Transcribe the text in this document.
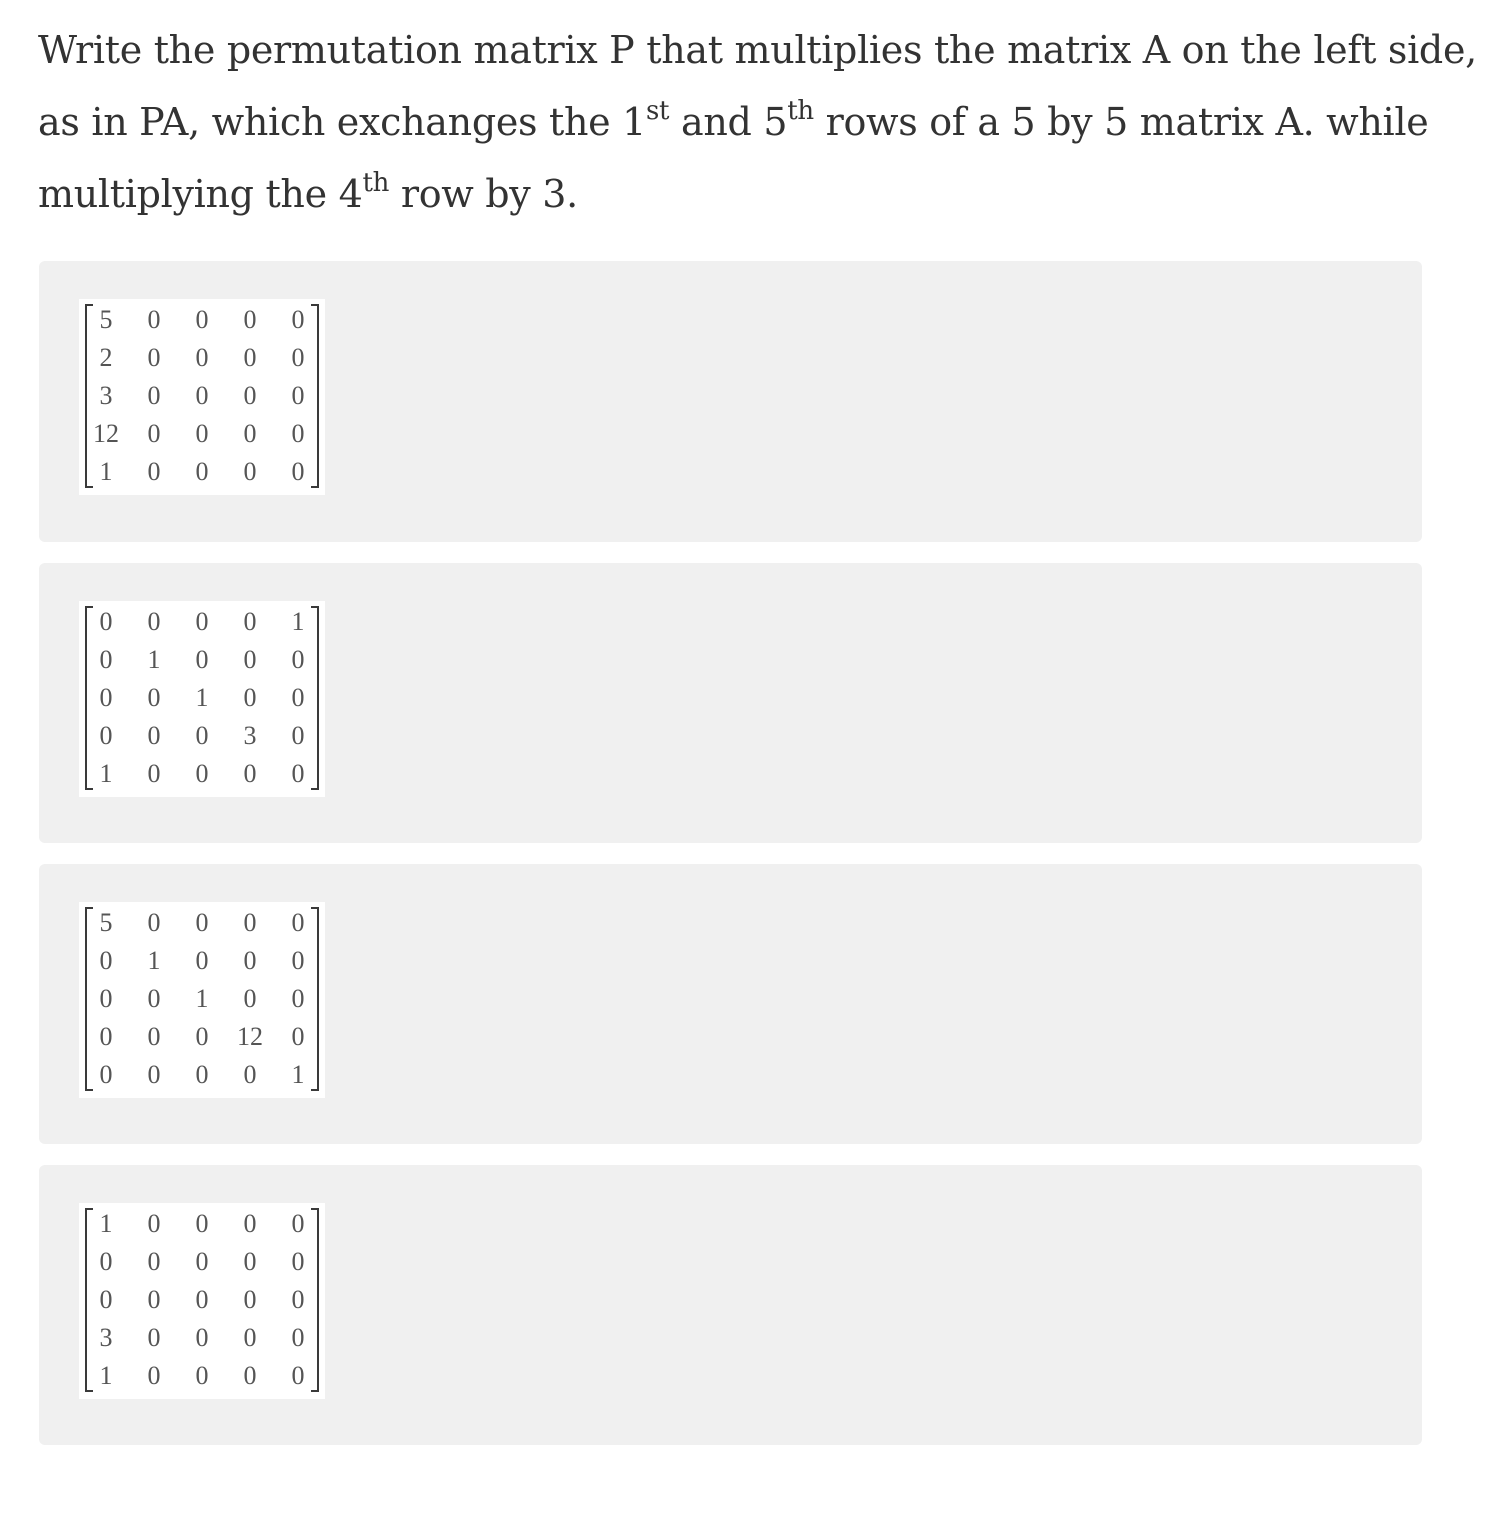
Write the permutation matrix P that multiplies the matrix A on the left side,
as in PA, which exchanges the 1st and 5th rows of a 5 by 5 matrix A. while
multiplying the 4th row by 3.
5	0	0	0	0
2	0	0	0	0
3	0	0	0	0
12	0	0	0	0
1	0	0	0	0
0	0	0	0	1
0	1	0	0	0
0	0	1	0	0
0	0	0	3	0
1	0	0	0	0
5	0	0	0	0
0	1	0	0	0
0	0	1	0	0
0	0	0	12	0
0	0	0	0	1
1	0	0	0	0
0	0	0	0	0
0	0	0	0	0
3	0	0	0	0
1	0	0	0	0
